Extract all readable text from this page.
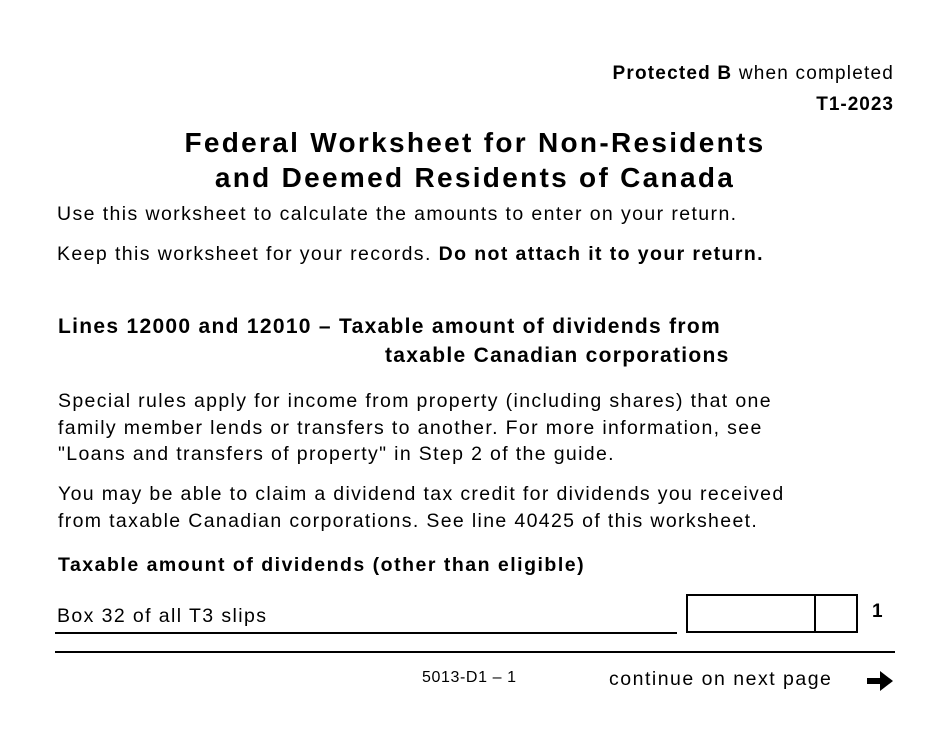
Protected B when completed
T1-2023
Federal Worksheet for Non-Residents
and Deemed Residents of Canada
Use this worksheet to calculate the amounts to enter on your return.
Keep this worksheet for your records. Do not attach it to your return.
Lines 12000 and 12010 – Taxable amount of dividends from
taxable Canadian corporations
Special rules apply for income from property (including shares) that one
family member lends or transfers to another. For more information, see
"Loans and transfers of property" in Step 2 of the guide.
You may be able to claim a dividend tax credit for dividends you received
from taxable Canadian corporations. See line 40425 of this worksheet.
Taxable amount of dividends (other than eligible)
Box 32 of all T3 slips	1
5013-D1 – 1	continue on next page
